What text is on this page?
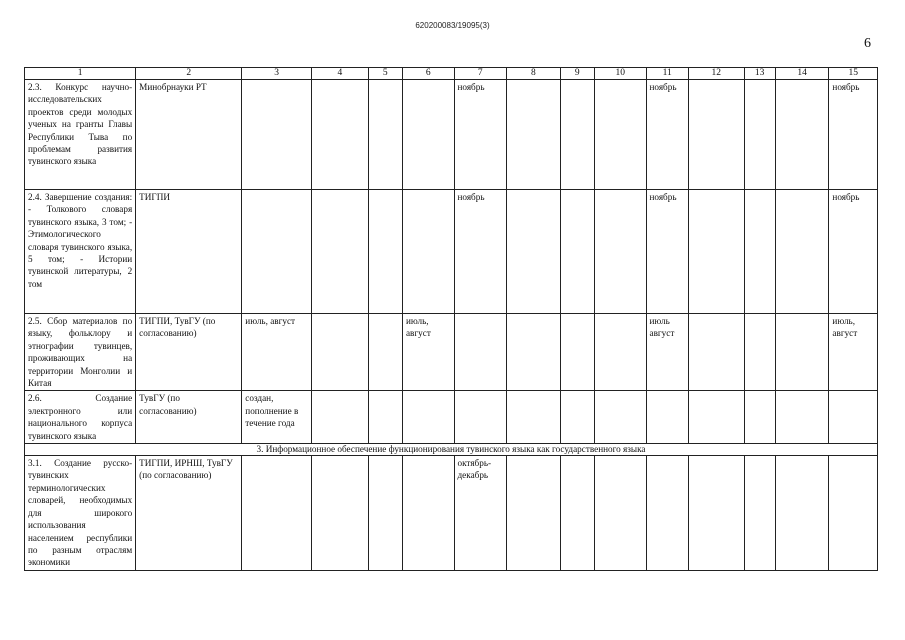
620200083/19095(3)
6
1	2	3	4	5	6	7	8	9	10	11	12	13	14	15
2.3. Конкурс научно-исследовательских проектов среди молодых ученых на гранты Главы Республики Тыва по проблемам развития тувинского языка	Минобрнауки РТ					ноябрь				ноябрь				ноябрь
2.4. Завершение создания: - Толкового словаря тувинского языка, 3 том; - Этимологического словаря тувинского языка, 5 том; - Истории тувинской литературы, 2 том	ТИГПИ					ноябрь				ноябрь				ноябрь
2.5. Сбор материалов по языку, фольклору и этнографии тувинцев, проживающих на территории Монголии и Китая	ТИГПИ, ТувГУ (по согласованию)	июль, август			июль, август					июль август				июль, август
2.6. Создание электронного или национального корпуса тувинского языка	ТувГУ (по согласованию)	создан, пополнение в течение года												
3. Информационное обеспечение функционирования тувинского языка как государственного языка														
3.1. Создание русско-тувинских терминологических словарей, необходимых для широкого использования населением республики по разным отраслям экономики	ТИГПИ, ИРНШ, ТувГУ (по согласованию)					октябрь-декабрь								
